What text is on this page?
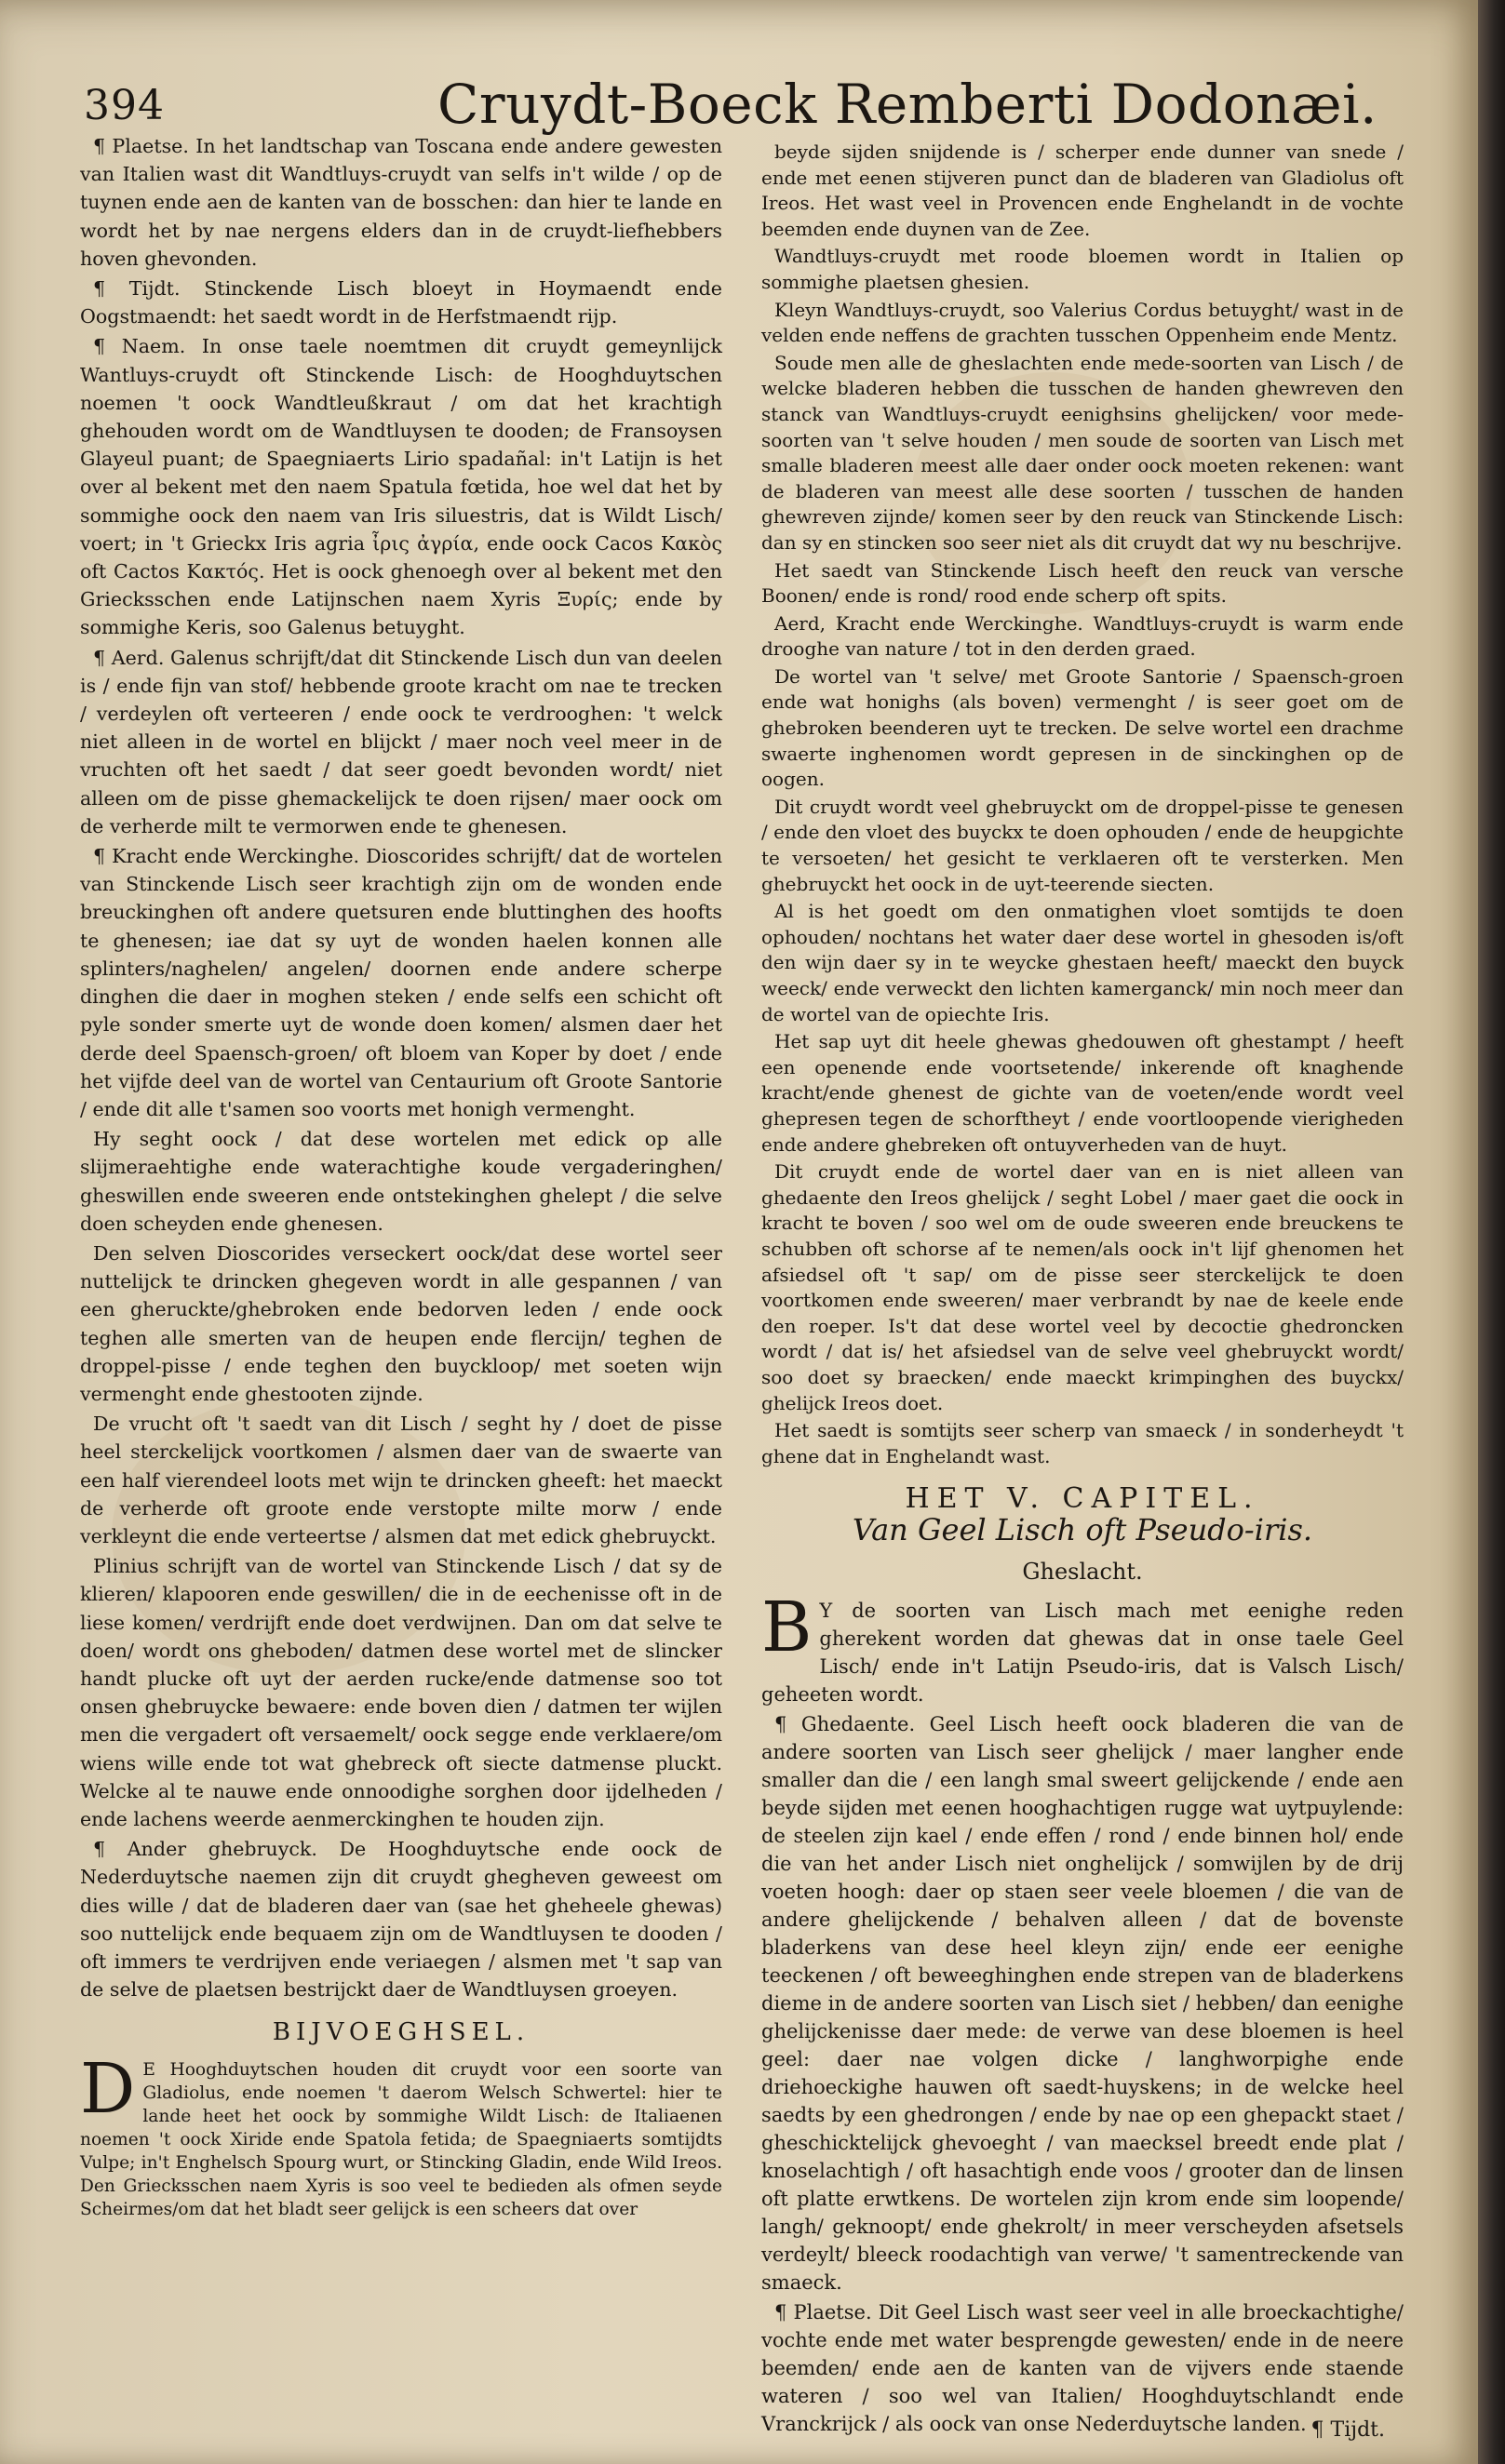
394	Cruydt-Boeck Remberti Dodonæi.

¶ Plaetse. In het landtschap van Toscana ende andere gewesten van Italien wast dit Wandtluys-cruydt van selfs in't wilde / op de tuynen ende aen de kanten van de bosschen: dan hier te lande en wordt het by nae nergens elders dan in de cruydt-liefhebbers hoven ghevonden.

¶ Tijdt. Stinckende Lisch bloeyt in Hoymaendt ende Oogstmaendt: het saedt wordt in de Herfstmaendt rijp.

¶ Naem. In onse taele noemtmen dit cruydt gemeynlijck Wantluys-cruydt oft Stinckende Lisch: de Hooghduytschen noemen 't oock Wandtleußkraut / om dat het krachtigh ghehouden wordt om de Wandtluysen te dooden; de Fransoysen Glayeul puant; de Spaegniaerts Lirio spadañal: in't Latijn is het over al bekent met den naem Spatula fœtida, hoe wel dat het by sommighe oock den naem van Iris siluestris, dat is Wildt Lisch/ voert; in 't Grieckx Iris agria ἶρις ἀγρία, ende oock Cacos Κακὸς oft Cactos Κακτός. Het is oock ghenoegh over al bekent met den Griecksschen ende Latijnschen naem Xyris Ξυρίς; ende by sommighe Keris, soo Galenus betuyght.

¶ Aerd. Galenus schrijft/dat dit Stinckende Lisch dun van deelen is / ende fijn van stof/ hebbende groote kracht om nae te trecken / verdeylen oft verteeren / ende oock te verdrooghen: 't welck niet alleen in de wortel en blijckt / maer noch veel meer in de vruchten oft het saedt / dat seer goedt bevonden wordt/ niet alleen om de pisse ghemackelijck te doen rijsen/ maer oock om de verherde milt te vermorwen ende te ghenesen.

¶ Kracht ende Werckinghe. Dioscorides schrijft/ dat de wortelen van Stinckende Lisch seer krachtigh zijn om de wonden ende breuckinghen oft andere quetsuren ende bluttinghen des hoofts te ghenesen; iae dat sy uyt de wonden haelen konnen alle splinters/naghelen/ angelen/ doornen ende andere scherpe dinghen die daer in moghen steken / ende selfs een schicht oft pyle sonder smerte uyt de wonde doen komen/ alsmen daer het derde deel Spaensch-groen/ oft bloem van Koper by doet / ende het vijfde deel van de wortel van Centaurium oft Groote Santorie / ende dit alle t'samen soo voorts met honigh vermenght.

Hy seght oock / dat dese wortelen met edick op alle slijmeraehtighe ende waterachtighe koude vergaderinghen/ gheswillen ende sweeren ende ontstekinghen ghelept / die selve doen scheyden ende ghenesen.

Den selven Dioscorides verseckert oock/dat dese wortel seer nuttelijck te drincken ghegeven wordt in alle gespannen / van een gheruckte/ghebroken ende bedorven leden / ende oock teghen alle smerten van de heupen ende flercijn/ teghen de droppel-pisse / ende teghen den buyckloop/ met soeten wijn vermenght ende ghestooten zijnde.

De vrucht oft 't saedt van dit Lisch / seght hy / doet de pisse heel sterckelijck voortkomen / alsmen daer van de swaerte van een half vierendeel loots met wijn te drincken gheeft: het maeckt de verherde oft groote ende verstopte milte morw / ende verkleynt die ende verteertse / alsmen dat met edick ghebruyckt.

Plinius schrijft van de wortel van Stinckende Lisch / dat sy de klieren/ klapooren ende geswillen/ die in de eechenisse oft in de liese komen/ verdrijft ende doet verdwijnen. Dan om dat selve te doen/ wordt ons gheboden/ datmen dese wortel met de slincker handt plucke oft uyt der aerden rucke/ende datmense soo tot onsen ghebruycke bewaere: ende boven dien / datmen ter wijlen men die vergadert oft versaemelt/ oock segge ende verklaere/om wiens wille ende tot wat ghebreck oft siecte datmense pluckt. Welcke al te nauwe ende onnoodighe sorghen door ijdelheden / ende lachens weerde aenmerckinghen te houden zijn.

¶ Ander ghebruyck. De Hooghduytsche ende oock de Nederduytsche naemen zijn dit cruydt ghegheven geweest om dies wille / dat de bladeren daer van (sae het gheheele ghewas) soo nuttelijck ende bequaem zijn om de Wandtluysen te dooden / oft immers te verdrijven ende veriaegen / alsmen met 't sap van de selve de plaetsen bestrijckt daer de Wandtluysen groeyen.

BIJVOEGHSEL.

D E Hooghduytschen houden dit cruydt voor een soorte van Gladiolus, ende noemen 't daerom Welsch Schwertel: hier te lande heet het oock by sommighe Wildt Lisch: de Italiaenen noemen 't oock Xiride ende Spatola fetida; de Spaegniaerts somtijdts Vulpe; in't Enghelsch Spourg wurt, or Stincking Gladin, ende Wild Ireos. Den Griecksschen naem Xyris is soo veel te bedieden als ofmen seyde Scheirmes/om dat het bladt seer gelijck is een scheers dat over

beyde sijden snijdende is / scherper ende dunner van snede / ende met eenen stijveren punct dan de bladeren van Gladiolus oft Ireos. Het wast veel in Provencen ende Enghelandt in de vochte beemden ende duynen van de Zee.

Wandtluys-cruydt met roode bloemen wordt in Italien op sommighe plaetsen ghesien.

Kleyn Wandtluys-cruydt, soo Valerius Cordus betuyght/ wast in de velden ende neffens de grachten tusschen Oppenheim ende Mentz.

Soude men alle de gheslachten ende mede-soorten van Lisch / de welcke bladeren hebben die tusschen de handen ghewreven den stanck van Wandtluys-cruydt eenighsins ghelijcken/ voor mede-soorten van 't selve houden / men soude de soorten van Lisch met smalle bladeren meest alle daer onder oock moeten rekenen: want de bladeren van meest alle dese soorten / tusschen de handen ghewreven zijnde/ komen seer by den reuck van Stinckende Lisch: dan sy en stincken soo seer niet als dit cruydt dat wy nu beschrijve.

Het saedt van Stinckende Lisch heeft den reuck van versche Boonen/ ende is rond/ rood ende scherp oft spits.

Aerd, Kracht ende Werckinghe. Wandtluys-cruydt is warm ende drooghe van nature / tot in den derden graed.

De wortel van 't selve/ met Groote Santorie / Spaensch-groen ende wat honighs (als boven) vermenght / is seer goet om de ghebroken beenderen uyt te trecken. De selve wortel een drachme swaerte inghenomen wordt gepresen in de sinckinghen op de oogen.

Dit cruydt wordt veel ghebruyckt om de droppel-pisse te genesen / ende den vloet des buyckx te doen ophouden / ende de heupgichte te versoeten/ het gesicht te verklaeren oft te versterken. Men ghebruyckt het oock in de uyt-teerende siecten.

Al is het goedt om den onmatighen vloet somtijds te doen ophouden/ nochtans het water daer dese wortel in ghesoden is/oft den wijn daer sy in te weycke ghestaen heeft/ maeckt den buyck weeck/ ende verweckt den lichten kamerganck/ min noch meer dan de wortel van de opiechte Iris.

Het sap uyt dit heele ghewas ghedouwen oft ghestampt / heeft een openende ende voortsetende/ inkerende oft knaghende kracht/ende ghenest de gichte van de voeten/ende wordt veel ghepresen tegen de schorftheyt / ende voortloopende vierigheden ende andere ghebreken oft ontuyverheden van de huyt.

Dit cruydt ende de wortel daer van en is niet alleen van ghedaente den Ireos ghelijck / seght Lobel / maer gaet die oock in kracht te boven / soo wel om de oude sweeren ende breuckens te schubben oft schorse af te nemen/als oock in't lijf ghenomen het afsiedsel oft 't sap/ om de pisse seer sterckelijck te doen voortkomen ende sweeren/ maer verbrandt by nae de keele ende den roeper. Is't dat dese wortel veel by decoctie ghedroncken wordt / dat is/ het afsiedsel van de selve veel ghebruyckt wordt/ soo doet sy braecken/ ende maeckt krimpinghen des buyckx/ ghelijck Ireos doet.

Het saedt is somtijts seer scherp van smaeck / in sonderheydt 't ghene dat in Enghelandt wast.

HET V. CAPITEL.
Van Geel Lisch oft Pseudo-iris.
Gheslacht.

B Y de soorten van Lisch mach met eenighe reden gherekent worden dat ghewas dat in onse taele Geel Lisch/ ende in't Latijn Pseudo-iris, dat is Valsch Lisch/ geheeten wordt.

¶ Ghedaente. Geel Lisch heeft oock bladeren die van de andere soorten van Lisch seer ghelijck / maer langher ende smaller dan die / een langh smal sweert gelijckende / ende aen beyde sijden met eenen hooghachtigen rugge wat uytpuylende: de steelen zijn kael / ende effen / rond / ende binnen hol/ ende die van het ander Lisch niet onghelijck / somwijlen by de drij voeten hoogh: daer op staen seer veele bloemen / die van de andere ghelijckende / behalven alleen / dat de bovenste bladerkens van dese heel kleyn zijn/ ende eer eenighe teeckenen / oft beweeghinghen ende strepen van de bladerkens dieme in de andere soorten van Lisch siet / hebben/ dan eenighe ghelijckenisse daer mede: de verwe van dese bloemen is heel geel: daer nae volgen dicke / langhworpighe ende driehoeckighe hauwen oft saedt-huyskens; in de welcke heel saedts by een ghedrongen / ende by nae op een ghepackt staet / gheschicktelijck ghevoeght / van maecksel breedt ende plat / knoselachtigh / oft hasachtigh ende voos / grooter dan de linsen oft platte erwtkens. De wortelen zijn krom ende sim loopende/ langh/ geknoopt/ ende ghekrolt/ in meer verscheyden afsetsels verdeylt/ bleeck roodachtigh van verwe/ 't samentreckende van smaeck.

¶ Plaetse. Dit Geel Lisch wast seer veel in alle broeckachtighe/ vochte ende met water besprengde gewesten/ ende in de neere beemden/ ende aen de kanten van de vijvers ende staende wateren / soo wel van Italien/ Hooghduytschlandt ende Vranckrijck / als oock van onse Nederduytsche landen. ¶ Tijdt.
